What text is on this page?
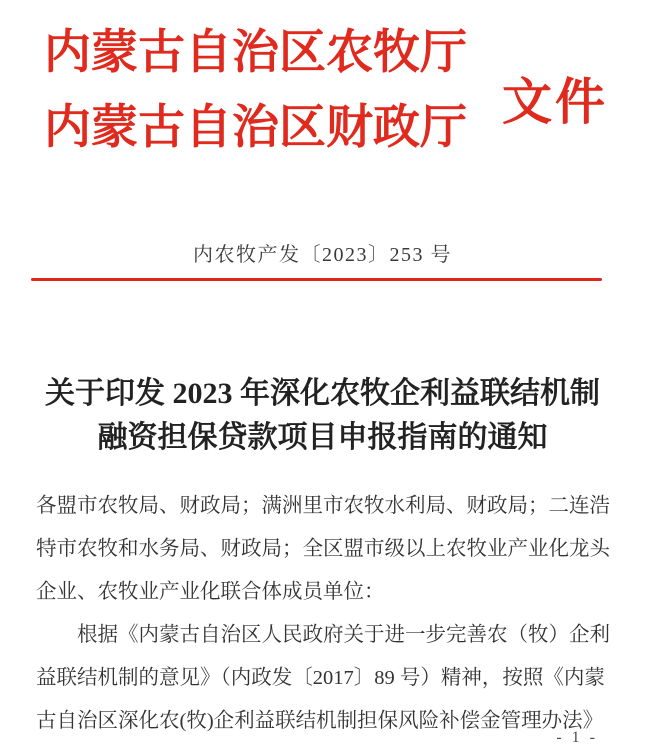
内蒙古自治区农牧厅
内蒙古自治区财政厅 文件
内农牧产发〔2023〕253 号
关于印发 2023 年深化农牧企利益联结机制
融资担保贷款项目申报指南的通知
各盟市农牧局、财政局；满洲里市农牧水利局、财政局；二连浩
特市农牧和水务局、财政局；全区盟市级以上农牧业产业化龙头
企业、农牧业产业化联合体成员单位：
根据《内蒙古自治区人民政府关于进一步完善农（牧）企利
益联结机制的意见》（内政发〔2017〕89 号）精神，按照《内蒙
古自治区深化农(牧)企利益联结机制担保风险补偿金管理办法》
- 1 -
